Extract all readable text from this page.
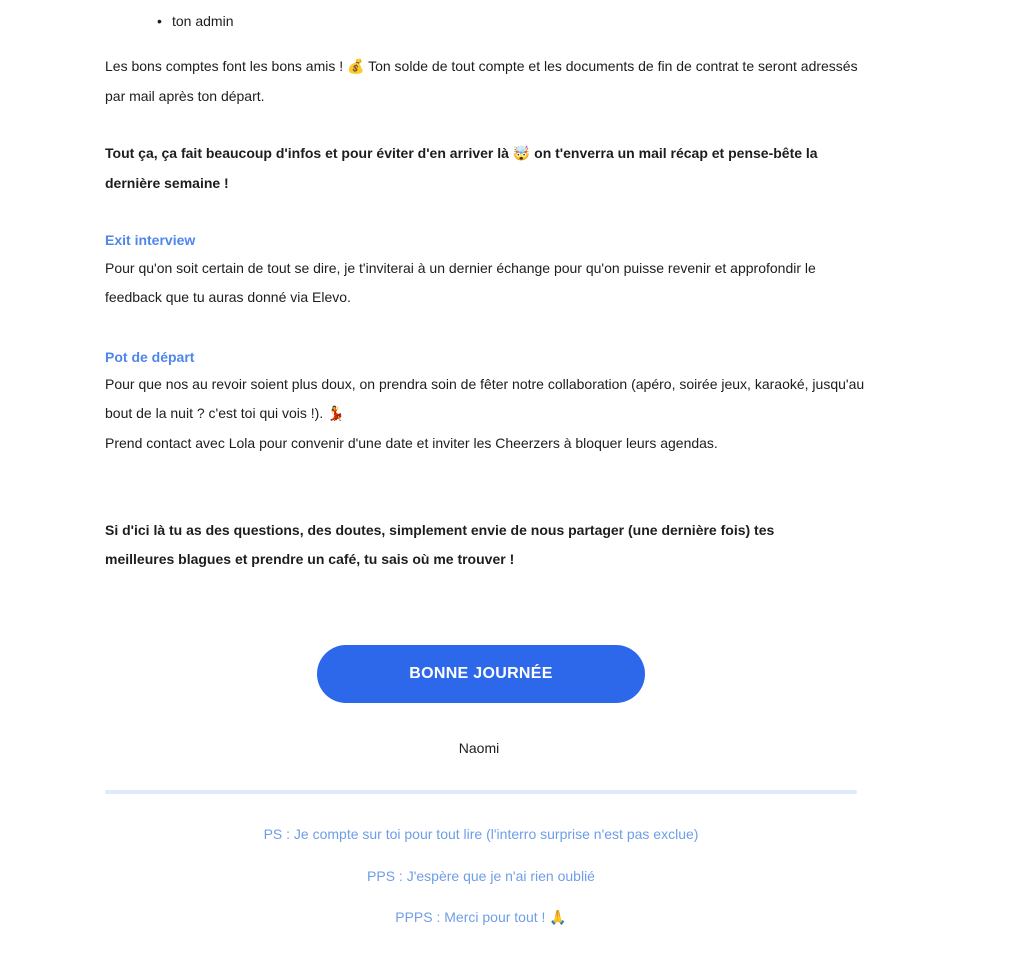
• ton admin

Les bons comptes font les bons amis ! 💰 Ton solde de tout compte et les documents de fin de contrat te seront adressés par mail après ton départ.

Tout ça, ça fait beaucoup d'infos et pour éviter d'en arriver là 🤯 on t'enverra un mail récap et pense-bête la dernière semaine !

Exit interview

Pour qu'on soit certain de tout se dire, je t'inviterai à un dernier échange pour qu'on puisse revenir et approfondir le feedback que tu auras donné via Elevo.

Pot de départ

Pour que nos au revoir soient plus doux, on prendra soin de fêter notre collaboration (apéro, soirée jeux, karaoké, jusqu'au bout de la nuit ? c'est toi qui vois !). 💃
Prend contact avec Lola pour convenir d'une date et inviter les Cheerzers à bloquer leurs agendas.

Si d'ici là tu as des questions, des doutes, simplement envie de nous partager (une dernière fois) tes meilleures blagues et prendre un café, tu sais où me trouver !

BONNE JOURNÉE
Naomi
PS : Je compte sur toi pour tout lire (l'interro surprise n'est pas exclue)
PPS : J'espère que je n'ai rien oublié
PPPS : Merci pour tout ! 🙏
